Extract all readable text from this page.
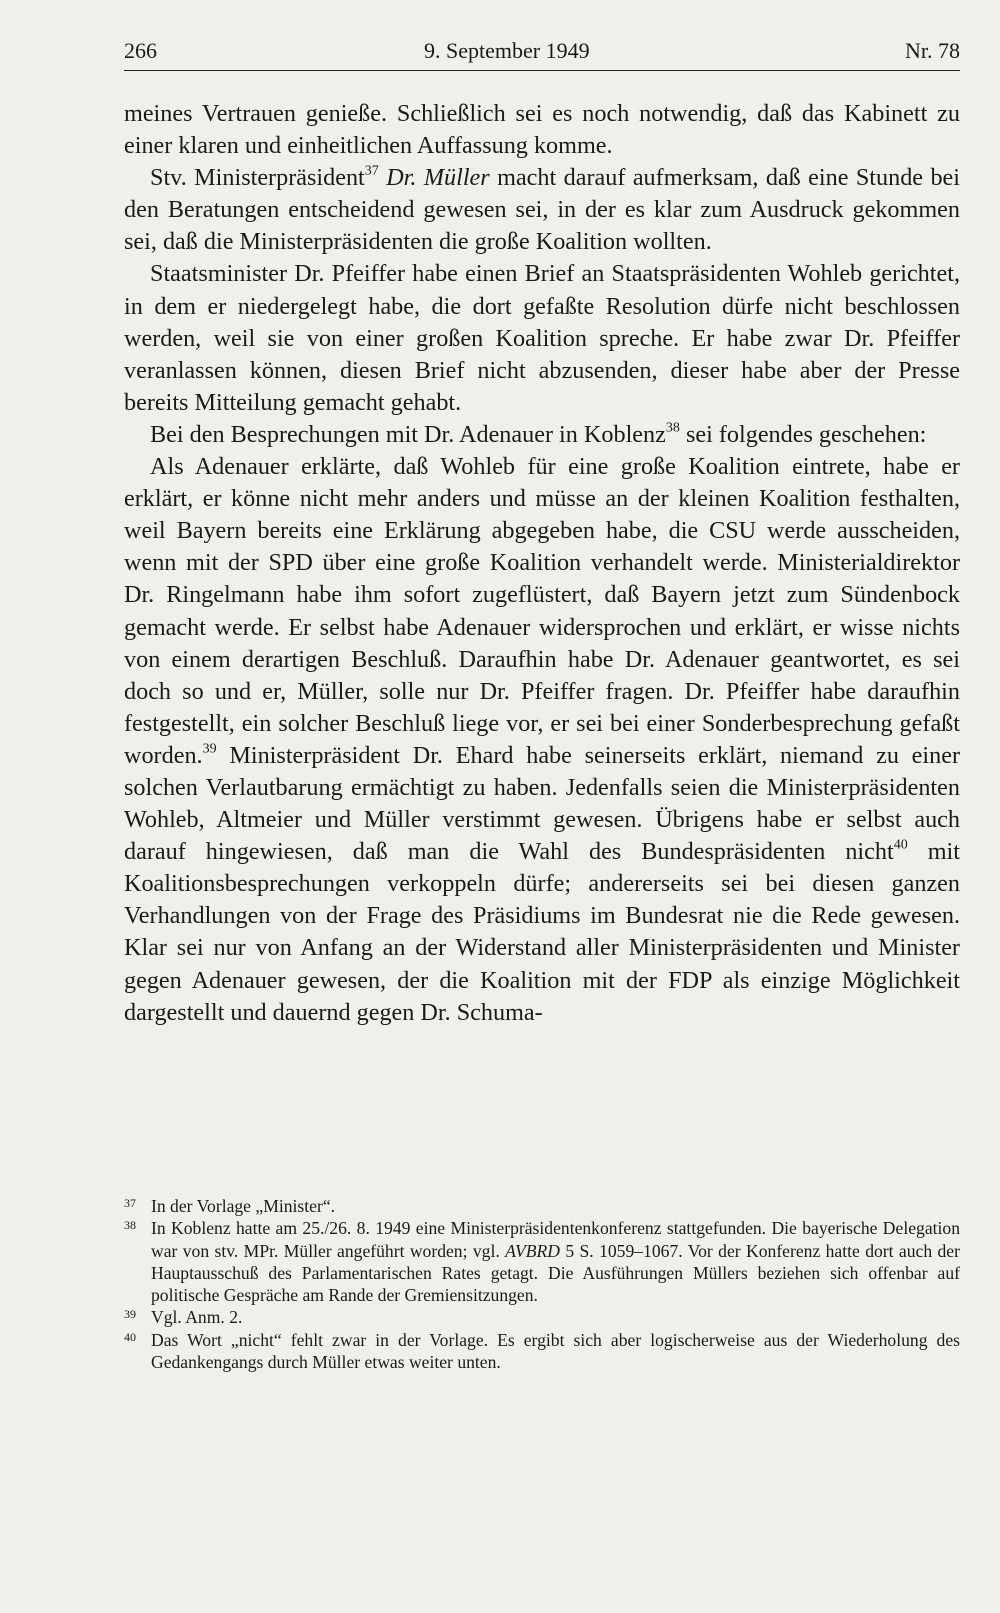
266	9. September 1949	Nr. 78

meines Vertrauen genieße. Schließlich sei es noch notwendig, daß das Kabinett zu einer klaren und einheitlichen Auffassung komme.

Stv. Ministerpräsident$^{37}$ Dr. Müller macht darauf aufmerksam, daß eine Stunde bei den Beratungen entscheidend gewesen sei, in der es klar zum Ausdruck gekommen sei, daß die Ministerpräsidenten die große Koalition wollten.

Staatsminister Dr. Pfeiffer habe einen Brief an Staatspräsidenten Wohleb gerichtet, in dem er niedergelegt habe, die dort gefaßte Resolution dürfe nicht beschlossen werden, weil sie von einer großen Koalition spreche. Er habe zwar Dr. Pfeiffer veranlassen können, diesen Brief nicht abzusenden, dieser habe aber der Presse bereits Mitteilung gemacht gehabt.

Bei den Besprechungen mit Dr. Adenauer in Koblenz$^{38}$ sei folgendes geschehen:

Als Adenauer erklärte, daß Wohleb für eine große Koalition eintrete, habe er erklärt, er könne nicht mehr anders und müsse an der kleinen Koalition festhalten, weil Bayern bereits eine Erklärung abgegeben habe, die CSU werde ausscheiden, wenn mit der SPD über eine große Koalition verhandelt werde. Ministerialdirektor Dr. Ringelmann habe ihm sofort zugeflüstert, daß Bayern jetzt zum Sündenbock gemacht werde. Er selbst habe Adenauer widersprochen und erklärt, er wisse nichts von einem derartigen Beschluß. Daraufhin habe Dr. Adenauer geantwortet, es sei doch so und er, Müller, solle nur Dr. Pfeiffer fragen. Dr. Pfeiffer habe daraufhin festgestellt, ein solcher Beschluß liege vor, er sei bei einer Sonderbesprechung gefaßt worden.$^{39}$ Ministerpräsident Dr. Ehard habe seinerseits erklärt, niemand zu einer solchen Verlautbarung ermächtigt zu haben. Jedenfalls seien die Ministerpräsidenten Wohleb, Altmeier und Müller verstimmt gewesen. Übrigens habe er selbst auch darauf hingewiesen, daß man die Wahl des Bundespräsidenten nicht$^{40}$ mit Koalitionsbesprechungen verkoppeln dürfe; andererseits sei bei diesen ganzen Verhandlungen von der Frage des Präsidiums im Bundesrat nie die Rede gewesen. Klar sei nur von Anfang an der Widerstand aller Ministerpräsidenten und Minister gegen Adenauer gewesen, der die Koalition mit der FDP als einzige Möglichkeit dargestellt und dauernd gegen Dr. Schuma-

37 In der Vorlage „Minister“.
38 In Koblenz hatte am 25./26. 8. 1949 eine Ministerpräsidentenkonferenz stattgefunden. Die bayerische Delegation war von stv. MPr. Müller angeführt worden; vgl. AVBRD 5 S. 1059–1067. Vor der Konferenz hatte dort auch der Hauptausschuß des Parlamentarischen Rates getagt. Die Ausführungen Müllers beziehen sich offenbar auf politische Gespräche am Rande der Gremiensitzungen.
39 Vgl. Anm. 2.
40 Das Wort „nicht“ fehlt zwar in der Vorlage. Es ergibt sich aber logischerweise aus der Wiederholung des Gedankengangs durch Müller etwas weiter unten.
